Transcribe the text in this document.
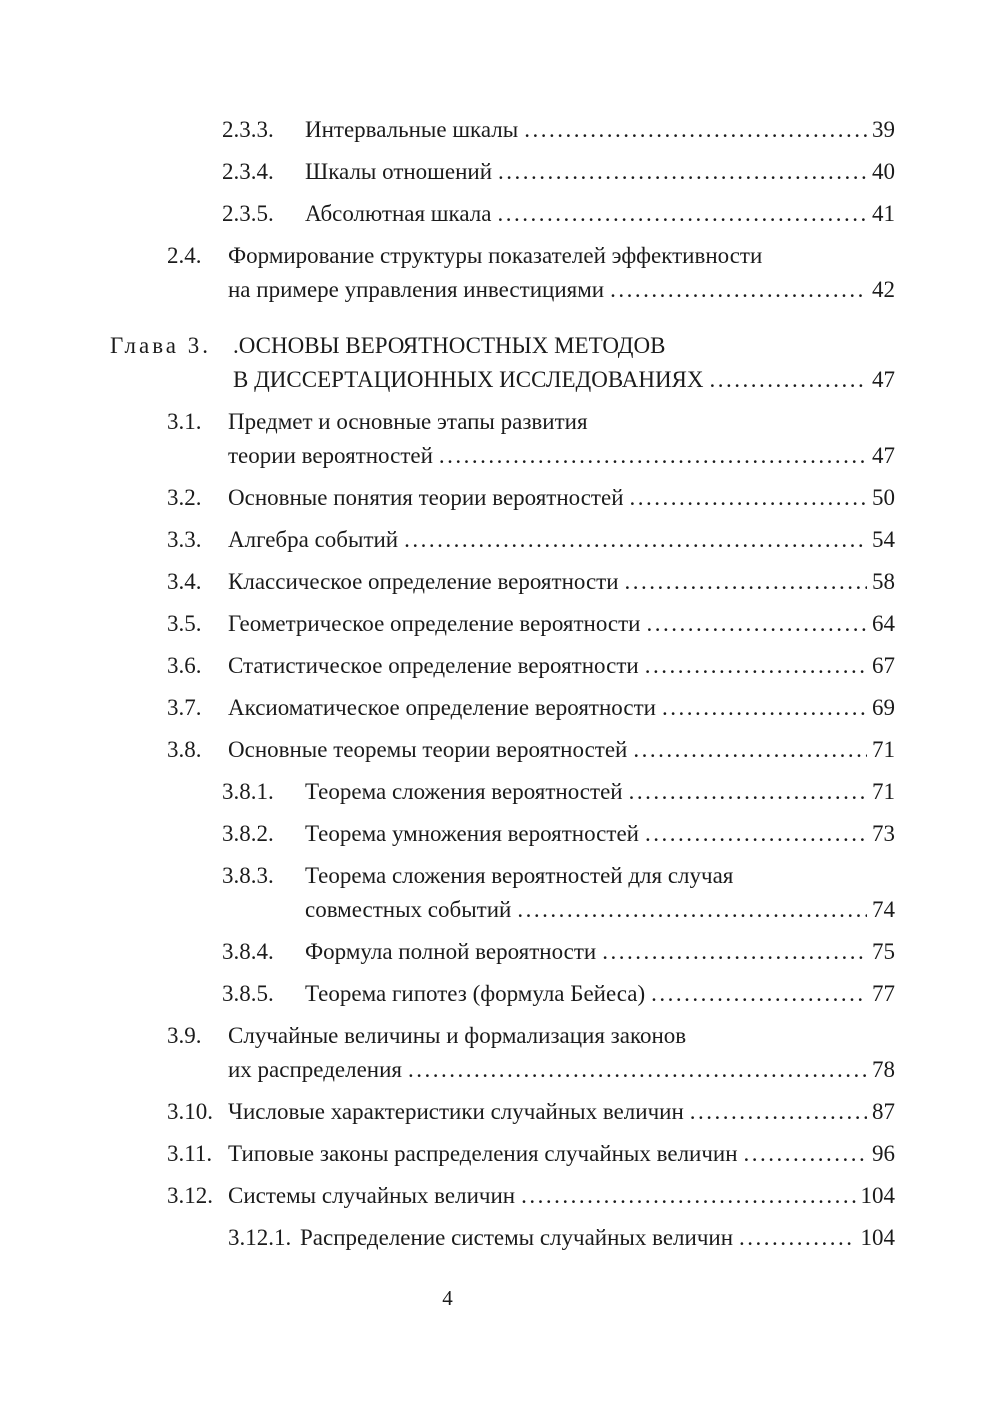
2.3.3.	Интервальные шкалы .....	39
2.3.4.	Шкалы отношений .....	40
2.3.5.	Абсолютная шкала .....	41
2.4.	Формирование структуры показателей эффективности
на примере управления инвестициями .....	42
Глава 3. .ОСНОВЫ ВЕРОЯТНОСТНЫХ МЕТОДОВ
В ДИССЕРТАЦИОННЫХ ИССЛЕДОВАНИЯХ .....	47
3.1.	Предмет и основные этапы развития
теории вероятностей .....	47
3.2.	Основные понятия теории вероятностей .....	50
3.3.	Алгебра событий .....	54
3.4.	Классическое определение вероятности .....	58
3.5.	Геометрическое определение вероятности .....	64
3.6.	Статистическое определение вероятности .....	67
3.7.	Аксиоматическое определение вероятности .....	69
3.8.	Основные теоремы теории вероятностей .....	71
3.8.1.	Теорема сложения вероятностей .....	71
3.8.2.	Теорема умножения вероятностей .....	73
3.8.3.	Теорема сложения вероятностей для случая
совместных событий .....	74
3.8.4.	Формула полной вероятности .....	75
3.8.5.	Теорема гипотез (формула Бейеса) .....	77
3.9.	Случайные величины и формализация законов
их распределения .....	78
3.10. Числовые характеристики случайных величин .....	87
3.11. Типовые законы распределения случайных величин .....	96
3.12. Системы случайных величин .....	104
3.12.1. Распределение системы случайных величин .....	104
4
